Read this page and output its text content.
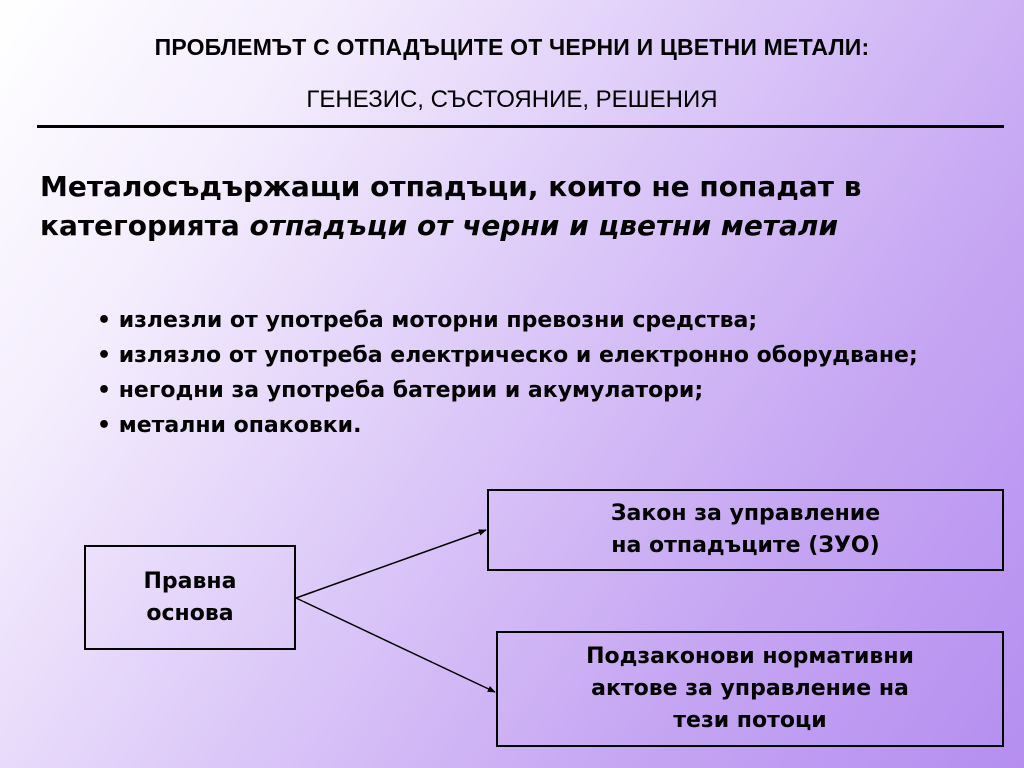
ПРОБЛЕМЪТ С ОТПАДЪЦИТЕ ОТ ЧЕРНИ И ЦВЕТНИ МЕТАЛИ:
ГЕНЕЗИС, СЪСТОЯНИЕ, РЕШЕНИЯ
Металосъдържащи отпадъци, които не попадат в категорията отпадъци от черни и цветни метали
• излезли от употреба моторни превозни средства;
• излязло от употреба електрическо и електронно оборудване;
• негодни за употреба батерии и акумулатори;
• метални опаковки.
Правна
основа
Закон за управление
на отпадъците (ЗУО)
Подзаконови нормативни
актове за управление на
тези потоци
